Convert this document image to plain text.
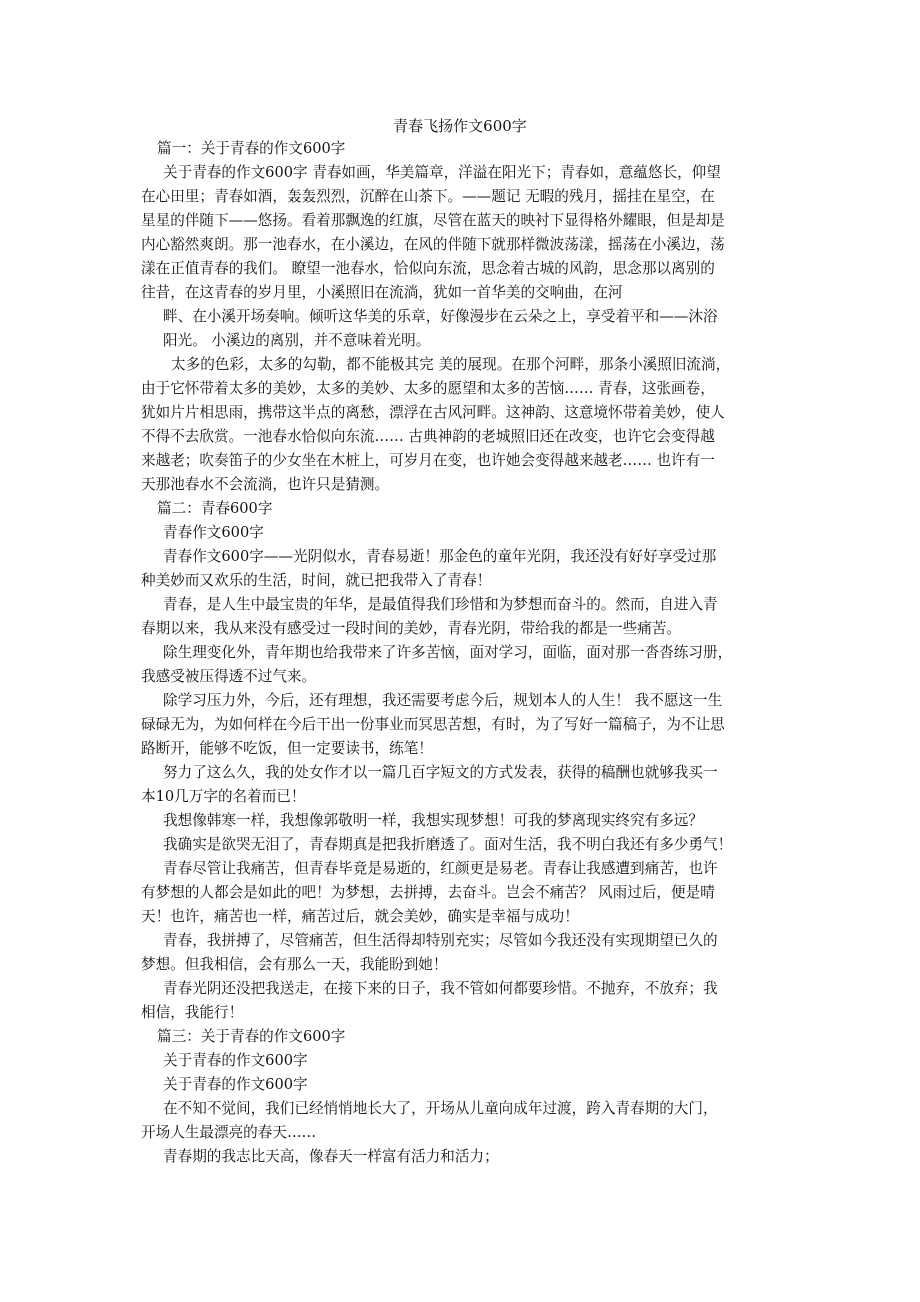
青春飞扬作文600字
篇一：关于青春的作文600字
关于青春的作文600字 青春如画，华美篇章，洋溢在阳光下；青春如，意蕴悠长，仰望
在心田里；青春如酒，轰轰烈烈，沉醉在山茶下。——题记 无暇的残月，摇挂在星空，在
星星的伴随下——悠扬。看着那飘逸的红旗，尽管在蓝天的映衬下显得格外耀眼，但是却是
内心豁然爽朗。那一池春水，在小溪边，在风的伴随下就那样微波荡漾，摇荡在小溪边，荡
漾在正值青春的我们。 瞭望一池春水，恰似向东流，思念着古城的风韵，思念那以离别的
往昔，在这青春的岁月里，小溪照旧在流淌，犹如一首华美的交响曲，在河
畔、在小溪开场奏响。倾听这华美的乐章，好像漫步在云朵之上，享受着平和——沐浴
阳光。 小溪边的离别，并不意味着光明。
太多的色彩，太多的勾勒，都不能极其完 美的展现。在那个河畔，那条小溪照旧流淌，
由于它怀带着太多的美妙，太多的美妙、太多的愿望和太多的苦恼…… 青春，这张画卷，
犹如片片相思雨，携带这半点的离愁，漂浮在古风河畔。这神韵、这意境怀带着美妙，使人
不得不去欣赏。一池春水恰似向东流…… 古典神韵的老城照旧还在改变，也许它会变得越
来越老；吹奏笛子的少女坐在木桩上，可岁月在变，也许她会变得越来越老…… 也许有一
天那池春水不会流淌，也许只是猜测。
篇二：青春600字
青春作文600字
青春作文600字——光阴似水，青春易逝！那金色的童年光阴，我还没有好好享受过那
种美妙而又欢乐的生活，时间，就已把我带入了青春！
青春，是人生中最宝贵的年华，是最值得我们珍惜和为梦想而奋斗的。然而，自进入青
春期以来，我从来没有感受过一段时间的美妙，青春光阴，带给我的都是一些痛苦。
除生理变化外，青年期也给我带来了许多苦恼，面对学习，面临，面对那一沓沓练习册，
我感受被压得透不过气来。
除学习压力外，今后，还有理想，我还需要考虑今后，规划本人的人生！ 我不愿这一生
碌碌无为，为如何样在今后干出一份事业而冥思苦想，有时，为了写好一篇稿子，为不让思
路断开，能够不吃饭，但一定要读书，练笔！
努力了这么久，我的处女作才以一篇几百字短文的方式发表，获得的稿酬也就够我买一
本10几万字的名着而已！
我想像韩寒一样，我想像郭敬明一样，我想实现梦想！可我的梦离现实终究有多远？
我确实是欲哭无泪了，青春期真是把我折磨透了。面对生活，我不明白我还有多少勇气！
青春尽管让我痛苦，但青春毕竟是易逝的，红颜更是易老。青春让我感遭到痛苦，也许
有梦想的人都会是如此的吧！为梦想，去拼搏，去奋斗。岂会不痛苦？ 风雨过后，便是晴
天！也许，痛苦也一样，痛苦过后，就会美妙，确实是幸福与成功！
青春，我拼搏了，尽管痛苦，但生活得却特别充实；尽管如今我还没有实现期望已久的
梦想。但我相信，会有那么一天，我能盼到她！
青春光阴还没把我送走，在接下来的日子，我不管如何都要珍惜。不抛弃，不放弃；我
相信，我能行！
篇三：关于青春的作文600字
关于青春的作文600字
关于青春的作文600字
在不知不觉间，我们已经悄悄地长大了，开场从儿童向成年过渡，跨入青春期的大门，
开场人生最漂亮的春天……
青春期的我志比天高，像春天一样富有活力和活力；
